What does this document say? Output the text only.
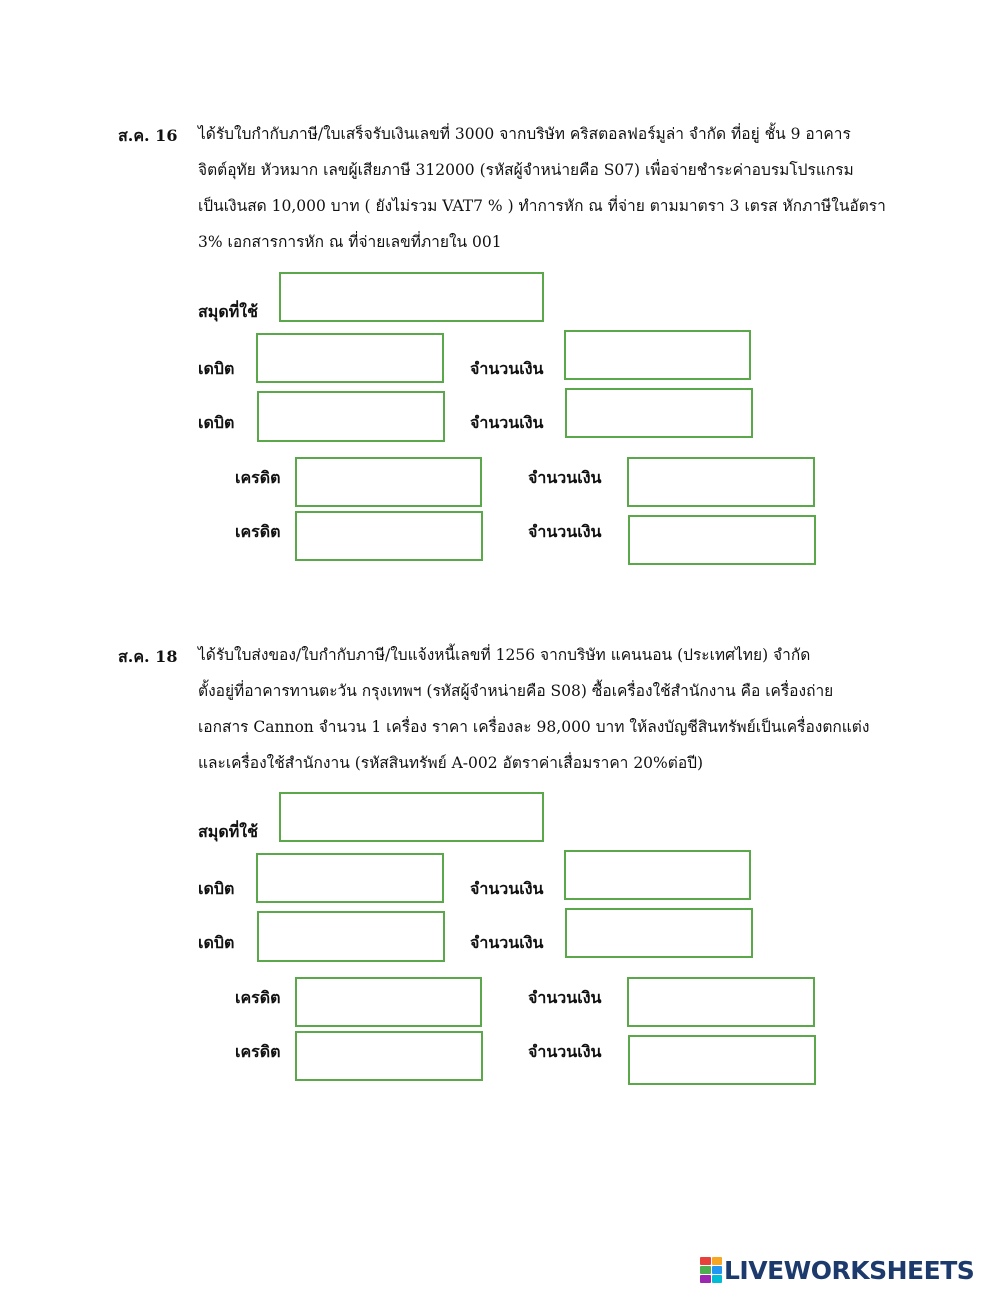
ส.ค. 16 ได้รับใบกำกับภาษี/ใบเสร็จรับเงินเลขที่ 3000 จากบริษัท คริสตอลฟอร์มูล่า จำกัด ที่อยู่ ชั้น 9 อาคาร
จิตต์อุทัย หัวหมาก เลขผู้เสียภาษี 312000 (รหัสผู้จำหน่ายคือ S07) เพื่อจ่ายชำระค่าอบรมโปรแกรม
เป็นเงินสด 10,000 บาท ( ยังไม่รวม VAT7 % ) ทำการหัก ณ ที่จ่าย ตามมาตรา 3 เตรส หักภาษีในอัตรา
3% เอกสารการหัก ณ ที่จ่ายเลขที่ภายใน 001

สมุดที่ใช้
เดบิต	จำนวนเงิน
เดบิต	จำนวนเงิน
เครดิต	จำนวนเงิน
เครดิต	จำนวนเงิน
ส.ค. 18 ได้รับใบส่งของ/ใบกำกับภาษี/ใบแจ้งหนี้เลขที่ 1256 จากบริษัท แคนนอน (ประเทศไทย) จำกัด
ตั้งอยู่ที่อาคารทานตะวัน กรุงเทพฯ (รหัสผู้จำหน่ายคือ S08) ซื้อเครื่องใช้สำนักงาน คือ เครื่องถ่าย
เอกสาร Cannon จำนวน 1 เครื่อง ราคา เครื่องละ 98,000 บาท ให้ลงบัญชีสินทรัพย์เป็นเครื่องตกแต่ง
และเครื่องใช้สำนักงาน (รหัสสินทรัพย์ A-002 อัตราค่าเสื่อมราคา 20%ต่อปี)

สมุดที่ใช้
เดบิต	จำนวนเงิน
เดบิต	จำนวนเงิน
เครดิต	จำนวนเงิน
เครดิต	จำนวนเงิน
LIVEWORKSHEETS
